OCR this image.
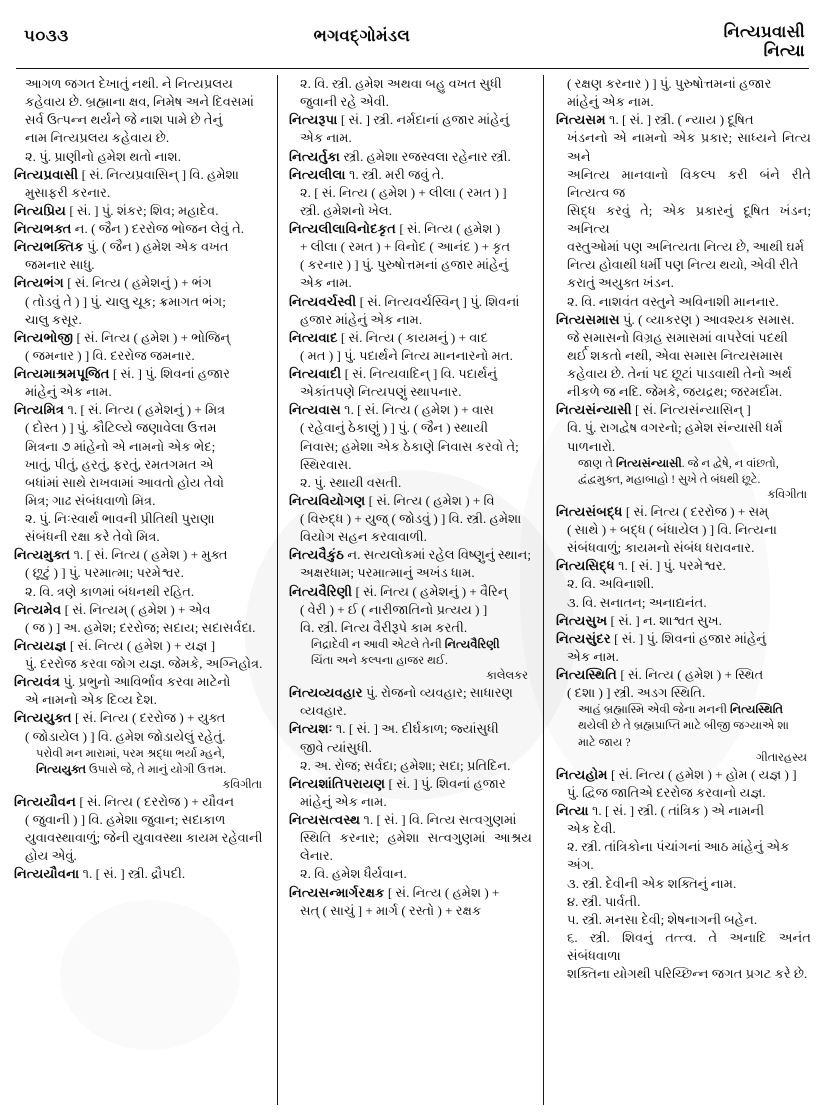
૫૦૩૩	ભગવદ્ગોમંડલ	નિત્યપ્રવાસી
નિત્યા

આગળ જગત દેખાતું નથી. ને નિત્યપ્રલય

કહેવાય છે. બ્રહ્માના ક્ષવ, નિમેષ અને દિવસમાં

સર્વ ઉત્પન્ન થર્યને જે નાશ પામે છે તેનું

નામ નિત્યપ્રલય કહેવાય છે.

૨. પું. પ્રાણીનો હમેશ થતો નાશ.

નિત્યપ્રવાસી [ સં. નિત્યપ્રવાસિન્ ] વિ. હમેશા

મુસાફરી કરનાર.

નિત્યપ્રિય [ સં. ] પું. શંકર; શિવ; મહાદેવ.

નિત્યભક્ત ન. ( જૈન ) દરરોજ ભોજન લેવું તે.

નિત્યભક્તિક પું. ( જૈન ) હમેશ એક વખત

જમનાર સાધુ.

નિત્યભંગ [ સં. નિત્ય ( હમેશનું ) + ભંગ

( તોડવું તે ) ] પું. ચાલુ ચૂક; ક્રમાગત ભંગ;

ચાલુ કસૂર.

નિત્યભોજી [ સં. નિત્ય ( હમેશ ) + ભોજિન્

( જમનાર ) ] વિ. દરરોજ જમનાર.

નિત્યમાશ્રમપૂજિત [ સં. ] પું. શિવનાં હજાર

માંહેનું એક નામ.

નિત્યમિત્ર ૧. [ સં. નિત્ય ( હમેશનું ) + મિત્ર

( દોસ્ત ) ] પું. કૌટિલ્યે જણાવેલા ઉત્તમ

મિત્રના ૭ માંહેનો એ નામનો એક ભેદ;

ખાતું, પીતું, હરતું, ફરતું, રમતગમત એ

બધાંમાં સાથે રાખવામાં આવતો હોય તેવો

મિત્ર; ગાઢ સંબંધવાળો મિત્ર.

૨. પું. નિઃસ્વાર્થ ભાવની પ્રીતિથી પુરાણા

સંબંધની રક્ષા કરે તેવો મિત્ર.

નિત્યમુક્ત ૧. [ સં. નિત્ય ( હમેશ ) + મુક્ત

( છૂટું ) ] પું. પરમાત્મા; પરમેશ્વર.

૨. વિ. ત્રણે કાળમાં બંધનથી રહિત.

નિત્યમેવ [ સં. નિત્યમ્ ( હમેશ ) + એવ

( જ ) ] અ. હમેશ; દરરોજ; સદાય; સદાસર્વદા.

નિત્યયજ્ઞ [ સં. નિત્ય ( હમેશ ) + યજ્ઞ ]

પું. દરરોજ કરવા જોગ યજ્ઞ. જેમકે, અગ્નિહોત્ર.

નિત્યવંત્ર પું. પ્રભુનો આવિર્ભાવ કરવા માટેનો

એ નામનો એક દિવ્ય દેશ.

નિત્યયુક્ત [ સં. નિત્ય ( દરરોજ ) + યુક્ત

( જોડાયેલ ) ] વિ. હમેશ જોડાયેલું રહેતું.

પરોવી મન મારામાં, પરમ શ્રદ્ધા ભર્યા મ્હને,

નિત્યયુક્ત ઉપાસે જે, તે માનું યોગી ઉત્તમ.

કવિગીતા

નિત્યયૌવન [ સં. નિત્ય ( દરરોજ ) + યૌવન

( જુવાની ) ] વિ. હમેશા જુવાન; સદાકાળ

યુવાવસ્થાવાળું; જેની યુવાવસ્થા કાયમ રહેવાની

હોય એવું.

નિત્યયૌવના ૧. [ સં. ] સ્ત્રી. દ્રૌપદી.

૨. વિ. સ્ત્રી. હમેશ અથવા બહુ વખત સુધી

જુવાની રહે એવી.

નિત્યરૂપા [ સં. ] સ્ત્રી. નર્મદાનાં હજાર માંહેનું

એક નામ.

નિત્યર્તુકા સ્ત્રી. હમેશા રજસ્વલા રહેનાર સ્ત્રી.

નિત્યલીલા ૧. સ્ત્રી. મરી જવું તે.

૨. [ સં. નિત્ય ( હમેશ ) + લીલા ( રમત ) ]

સ્ત્રી. હમેશનો ખેલ.

નિત્યલીલાવિનોદકૃત [ સં. નિત્ય ( હમેશ )

+ લીલા ( રમત ) + વિનોદ ( આનંદ ) + કૃત

( કરનાર ) ] પું. પુરુષોત્તમનાં હજાર માંહેનું

એક નામ.

નિત્યવર્ચસ્વી [ સં. નિત્યવર્ચસ્વિન્ ] પું. શિવનાં

હજાર માંહેનું એક નામ.

નિત્યવાદ [ સં. નિત્ય ( કાયમનું ) + વાદ

( મત ) ] પું. પદાર્થને નિત્ય માનનારનો મત.

નિત્યવાદી [ સં. નિત્યવાદિન્ ] વિ. પદાર્થનું

એકાંતપણે નિત્યપણું સ્થાપનાર.

નિત્યવાસ ૧. [ સં. નિત્ય ( હમેશ ) + વાસ

( રહેવાનું ઠેકાણું ) ] પું. ( જૈન ) સ્થાયી

નિવાસ; હમેશા એક ઠેકાણે નિવાસ કરવો તે;

સ્થિરવાસ.

૨. પું. સ્થાયી વસતી.

નિત્યવિયોગણ [ સં. નિત્ય ( હમેશ ) + વિ

( વિરુદ્ધ ) + યુજ્ ( જોડવું ) ] વિ. સ્ત્રી. હમેશા

વિયોગ સહન કરવાવાળી.

નિત્યવૈકુંઠ ન. સત્યલોકમાં રહેલ વિષ્ણુનું સ્થાન;

અક્ષરધામ; પરમાત્માનું અખંડ ધામ.

નિત્યવૈરિણી [ સં. નિત્ય ( હમેશનું ) + વૈરિન્

( વેરી ) + ઈ ( નારીજાતિનો પ્રત્યય ) ]

વિ. સ્ત્રી. નિત્ય વૈરીરૂપે કામ કરતી.

નિદ્રાદેવી ન આવી એટલે તેની નિત્યવૈરિણી

ચિંતા અને કલ્પના હાજર થઈ.

કાલેલકર

નિત્યવ્યવહાર પું. રોજનો વ્યવહાર; સાધારણ

વ્યવહાર.

નિત્યશઃ ૧. [ સં. ] અ. દીર્ઘકાળ; જ્યાંસુધી

જીવે ત્યાંસુધી.

૨. અ. રોજ; સર્વદા; હમેશા; સદા; પ્રતિદિન.

નિત્યશાંતિપરાયણ [ સં. ] પું. શિવનાં હજાર

માંહેનું એક નામ.

નિત્યસત્વસ્થ ૧. [ સં. ] વિ. નિત્ય સત્વગુણમાં

સ્થિતિ કરનાર; હમેશા સત્વગુણમાં આશ્રય લેનાર.

૨. વિ. હમેશ ધૈર્યવાન.

નિત્યસન્માર્ગરક્ષક [ સં. નિત્ય ( હમેશ ) +

સત્ ( સાચું ] + માર્ગ ( રસ્તો ) + રક્ષક

( રક્ષણ કરનાર ) ] પું. પુરુષોત્તમનાં હજાર

માંહેનું એક નામ.

નિત્યસમ ૧. [ સં. ] સ્ત્રી. ( ન્યાય ) દૂષિત

ખંડનનો એ નામનો એક પ્રકાર; સાધ્યને નિત્ય અને

અનિત્ય માનવાનો વિકલ્પ કરી બંને રીતે નિત્યત્વ જ

સિદ્ધ કરવું તે; એક પ્રકારનું દૂષિત ખંડન; અનિત્ય

વસ્તુઓમાં પણ અનિત્યતા નિત્ય છે, આથી ઘર્મ

નિત્ય હોવાથી ધર્મી પણ નિત્ય થયો, એવી રીતે

કરાતું અયુક્ત ખંડન.

૨. વિ. નાશવંત વસ્તુને અવિનાશી માનનાર.

નિત્યસમાસ પું. ( વ્યાકરણ ) આવશ્યક સમાસ.

જે સમાસનો વિગ્રહ સમાસમાં વાપરેલાં પદથી

થર્ઈ શકતો નથી, એવા સમાસ નિત્યસમાસ

કહેવાય છે. તેનાં પદ છૂટાં પાડવાથી તેનો અર્થ

નીકળે જ નદિ. જેમકે, જયદ્રથ; જરમર્દામ.

નિત્યસંન્યાસી [ સં. નિત્યસંન્યાસિન્ ]

વિ. પું. રાગદ્વેષ વગરનો; હમેશ સંન્યાસી ધર્મ

પાળનારો.

જાણ તે નિત્યસંન્યાસી. જે ન દ્વેષે, ન વાંછતો,

દ્વંદ્વમુક્ત, મહાબાહો ! સુખે તે બંધથી છૂટે.

કવિગીતા

નિત્યસંબદ્ધ [ સં. નિત્ય ( દરરોજ ) + સમ્

( સાથે ) + બદ્ધ ( બંધાયેલ ) ] વિ. નિત્યના

સંબંધવાળું; કાયમનો સંબંધ ધરાવનાર.

નિત્યસિદ્ધ ૧. [ સં. ] પું. પરમેશ્વર.

૨. વિ. અવિનાશી.

૩. વિ. સનાતન; અનાદ્યનંત.

નિત્યસુખ [ સં. ] ન. શાશ્વત સુખ.

નિત્યસુંદર [ સં. ] પું. શિવનાં હજાર માંહેનું

એક નામ.

નિત્યસ્થિતિ [ સં. નિત્ય ( હમેશ ) + સ્થિત

( દશા ) ] સ્ત્રી. અડગ સ્થિતિ.

આહં બ્રહ્માસ્મિ એવી જેના મનની નિત્યસ્થિતિ

થયેલી છે તે બ્રહ્મપ્રાપ્તિ માટે બીજી જગ્યાએ શા

માટે જાય ?

ગીતારહસ્ય

નિત્યહોમ [ સં. નિત્ય ( હમેશ ) + હોમ ( યજ્ઞ ) ]

પું. દ્વિજ જાતિએ દરરોજ કરવાનો યજ્ઞ.

નિત્યા ૧. [ સં. ] સ્ત્રી. ( તાંત્રિક ) એ નામની

એક દેવી.

૨. સ્ત્રી. તાંત્રિકોના પંચાંગનાં આઠ માંહેનું એક

અંગ.

૩. સ્ત્રી. દેવીની એક શક્તિનું નામ.

૪. સ્ત્રી. પાર્વતી.

૫. સ્ત્રી. મનસા દેવી; શેષનાગની બહેન.

૬. સ્ત્રી. શિવનું તત્ત્વ. તે અનાદિ અનંત સંબંધવાળા

શક્તિના યોગથી પરિચ્છિન્ન જગત પ્રગટ કરે છે.
